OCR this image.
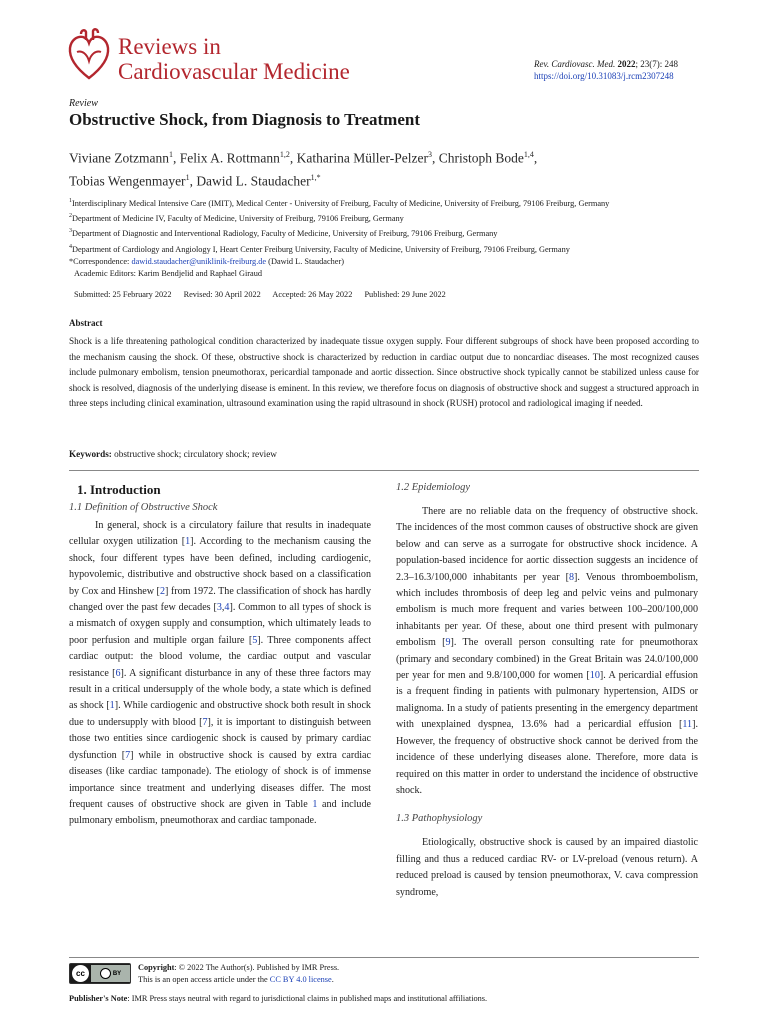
Reviews in
Cardiovascular Medicine	Rev. Cardiovasc. Med. 2022; 23(7): 248
https://doi.org/10.31083/j.rcm2307248
Review
Obstructive Shock, from Diagnosis to Treatment
Viviane Zotzmann$^1$, Felix A. Rottmann$^{1,2}$, Katharina Müller-Pelzer$^3$, Christoph Bode$^{1,4}$,
Tobias Wengenmayer$^1$, Dawid L. Staudacher$^{1,*}$
$^1$Interdisciplinary Medical Intensive Care (IMIT), Medical Center - University of Freiburg, Faculty of Medicine, University of Freiburg, 79106 Freiburg, Germany
$^2$Department of Medicine IV, Faculty of Medicine, University of Freiburg, 79106 Freiburg, Germany
$^3$Department of Diagnostic and Interventional Radiology, Faculty of Medicine, University of Freiburg, 79106 Freiburg, Germany
$^4$Department of Cardiology and Angiology I, Heart Center Freiburg University, Faculty of Medicine, University of Freiburg, 79106 Freiburg, Germany
*Correspondence: dawid.staudacher@uniklinik-freiburg.de (Dawid L. Staudacher)
Academic Editors: Karim Bendjelid and Raphael Giraud
Submitted: 25 February 2022 Revised: 30 April 2022 Accepted: 26 May 2022 Published: 29 June 2022
Abstract
Shock is a life threatening pathological condition characterized by inadequate tissue oxygen supply. Four different subgroups of shock have been proposed according to the mechanism causing the shock. Of these, obstructive shock is characterized by reduction in cardiac output due to noncardiac diseases. The most recognized causes include pulmonary embolism, tension pneumothorax, pericardial tamponade and aortic dissection. Since obstructive shock typically cannot be stabilized unless cause for shock is resolved, diagnosis of the underlying disease is eminent. In this review, we therefore focus on diagnosis of obstructive shock and suggest a structured approach in three steps including clinical examination, ultrasound examination using the rapid ultrasound in shock (RUSH) protocol and radiological imaging if needed.
Keywords: obstructive shock; circulatory shock; review
1. Introduction
1.1 Definition of Obstructive Shock
In general, shock is a circulatory failure that results in inadequate cellular oxygen utilization [1]. According to the mechanism causing the shock, four different types have been defined, including cardiogenic, hypovolemic, distributive and obstructive shock based on a classification by Cox and Hinshew [2] from 1972. The classification of shock has hardly changed over the past few decades [3,4]. Common to all types of shock is a mismatch of oxygen supply and consumption, which ultimately leads to poor perfusion and multiple organ failure [5]. Three components affect cardiac output: the blood volume, the cardiac output and vascular resistance [6]. A significant disturbance in any of these three factors may result in a critical undersupply of the whole body, a state which is defined as shock [1]. While cardiogenic and obstructive shock both result in shock due to undersupply with blood [7], it is important to distinguish between those two entities since cardiogenic shock is caused by primary cardiac dysfunction [7] while in obstructive shock is caused by extra cardiac diseases (like cardiac tamponade). The etiology of shock is of immense importance since treatment and underlying diseases differ. The most frequent causes of obstructive shock are given in Table 1 and include pulmonary embolism, pneumothorax and cardiac tamponade.
1.2 Epidemiology
There are no reliable data on the frequency of obstructive shock. The incidences of the most common causes of obstructive shock are given below and can serve as a surrogate for obstructive shock incidence. A population-based incidence for aortic dissection suggests an incidence of 2.3–16.3/100,000 inhabitants per year [8]. Venous thromboembolism, which includes thrombosis of deep leg and pelvic veins and pulmonary embolism is much more frequent and varies between 100–200/100,000 inhabitants per year. Of these, about one third present with pulmonary embolism [9]. The overall person consulting rate for pneumothorax (primary and secondary combined) in the Great Britain was 24.0/100,000 per year for men and 9.8/100,000 for women [10]. A pericardial effusion is a frequent finding in patients with pulmonary hypertension, AIDS or malignoma. In a study of patients presenting in the emergency department with unexplained dyspnea, 13.6% had a pericardial effusion [11]. However, the frequency of obstructive shock cannot be derived from the incidence of these underlying diseases alone. Therefore, more data is required on this matter in order to understand the incidence of obstructive shock.
1.3 Pathophysiology
Etiologically, obstructive shock is caused by an impaired diastolic filling and thus a reduced cardiac RV- or LV-preload (venous return). A reduced preload is caused by tension pneumothorax, V. cava compression syndrome,
cc	BY
Copyright: © 2022 The Author(s). Published by IMR Press.
This is an open access article under the CC BY 4.0 license.
Publisher's Note: IMR Press stays neutral with regard to jurisdictional claims in published maps and institutional affiliations.
